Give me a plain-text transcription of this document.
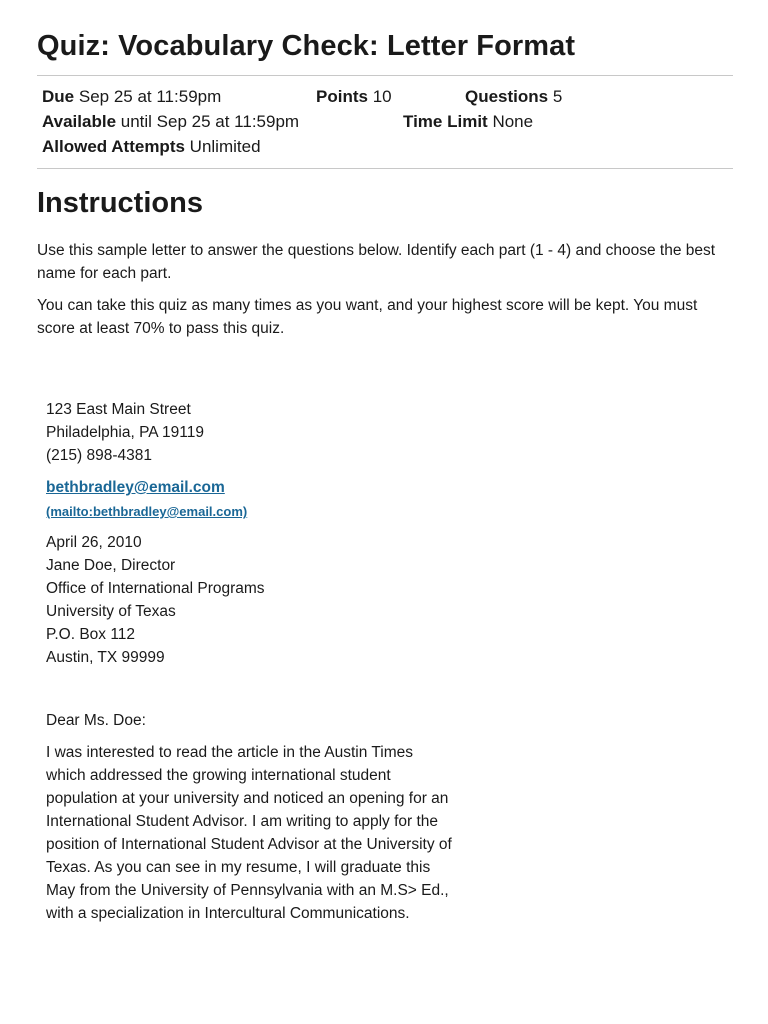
Quiz: Vocabulary Check: Letter Format
Due Sep 25 at 11:59pm	Points 10	Questions 5
Available until Sep 25 at 11:59pm	Time Limit None
Allowed Attempts Unlimited
Instructions

Use this sample letter to answer the questions below. Identify each part (1 - 4) and choose the best name for each part.

You can take this quiz as many times as you want, and your highest score will be kept. You must score at least 70% to pass this quiz.

123 East Main Street
Philadelphia, PA 19119
(215) 898-4381
bethbradley@email.com
(mailto:bethbradley@email.com)
April 26, 2010
Jane Doe, Director
Office of International Programs
University of Texas
P.O. Box 112
Austin, TX 99999
Dear Ms. Doe:
I was interested to read the article in the Austin Times
which addressed the growing international student
population at your university and noticed an opening for an
International Student Advisor. I am writing to apply for the
position of International Student Advisor at the University of
Texas. As you can see in my resume, I will graduate this
May from the University of Pennsylvania with an M.S> Ed.,
with a specialization in Intercultural Communications.
